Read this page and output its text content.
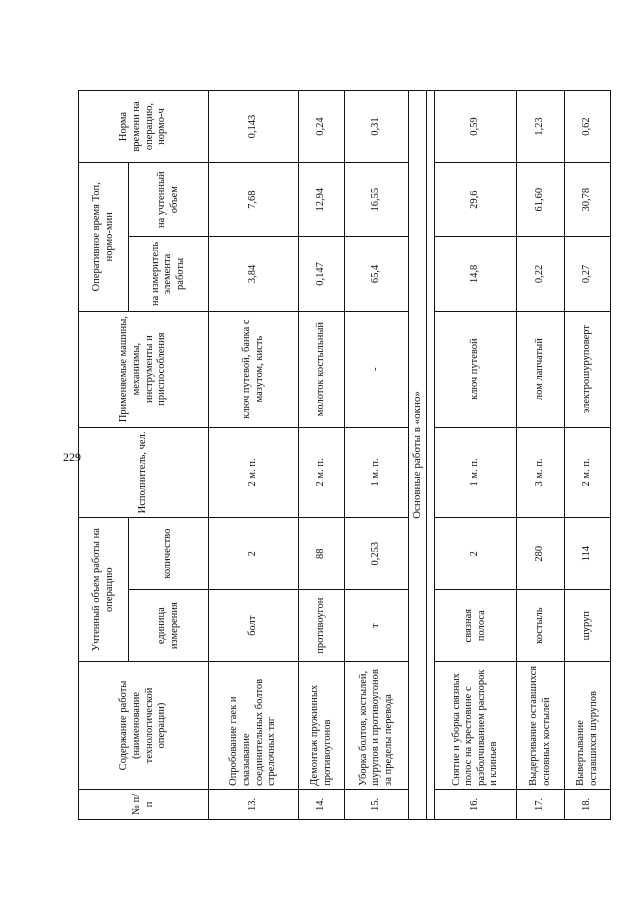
229
№ п/п	Содержание работы (наименование технологической операции)	Учтенный объем работы на операцию		Исполнитель, чел.	Применяемые машины, механизмы, инструменты и приспособления	Оперативное время Топ, нормо-мин		Норма времени на операцию, нормо-ч
		единица измерения	количество			на измеритель элемента работы	на учтенный объем	
13.	Опробование гаек и смазывание соединительных болтов стрелочных тяг	болт	2	2 м. п.	ключ путевой, банка с мазутом, кисть	3,84	7,68	0,143
14.	Демонтаж пружинных противоугонов	противоугон	88	2 м. п.	молоток костыльный	0,147	12,94	0,24
15.	Уборка болтов, костылей, шурупов и противоугонов за пределы перевода	т	0,253	1 м. п.	-	65,4	16,55	0,31
Основные работы в «окно»								

16.	Снятие и уборка связных полос на крестовине с разболчиванием распорок и клиньев	связная полоса	2	1 м. п.	ключ путевой	14,8	29,6	0,59
17.	Выдергивание оставшихся основных костылей	костыль	280	3 м. п.	лом лапчатый	0,22	61,60	1,23
18.	Вывертывание оставшихся шурупов	шуруп	114	2 м. п.	электрошуруповерт	0,27	30,78	0,62
